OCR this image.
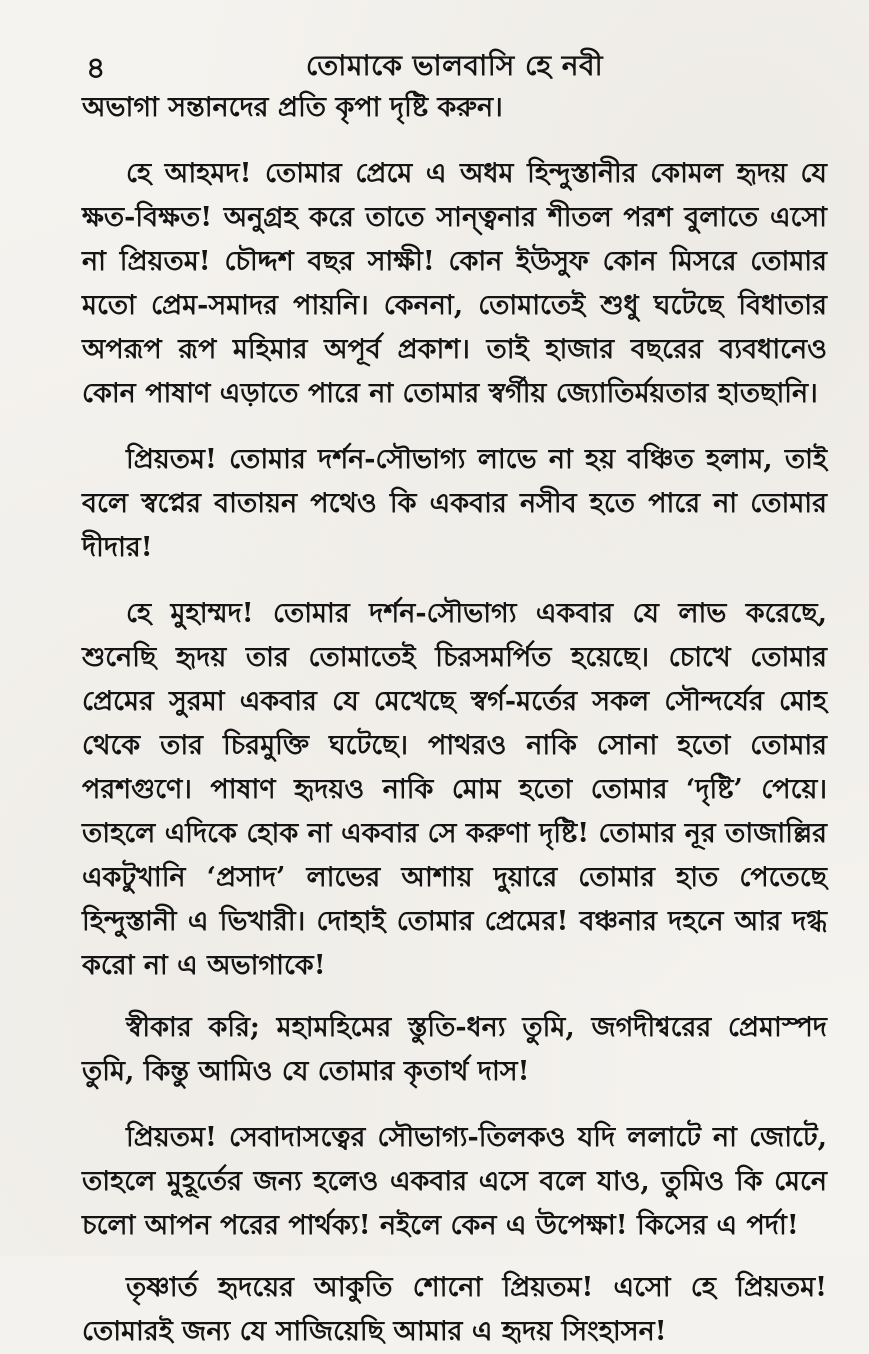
৪	তোমাকে ভালবাসি হে নবী

অভাগা সন্তানদের প্রতি কৃপা দৃষ্টি করুন।

হে আহমদ! তোমার প্রেমে এ অধম হিন্দুস্তানীর কোমল হৃদয় যে ক্ষত-বিক্ষত! অনুগ্রহ করে তাতে সান্ত্বনার শীতল পরশ বুলাতে এসো না প্রিয়তম! চৌদ্দশ বছর সাক্ষী! কোন ইউসুফ কোন মিসরে তোমার মতো প্রেম-সমাদর পায়নি। কেননা, তোমাতেই শুধু ঘটেছে বিধাতার অপরূপ রূপ মহিমার অপূর্ব প্রকাশ। তাই হাজার বছরের ব্যবধানেও কোন পাষাণ এড়াতে পারে না তোমার স্বর্গীয় জ্যোতির্ময়তার হাতছানি।

প্রিয়তম! তোমার দর্শন-সৌভাগ্য লাভে না হয় বঞ্চিত হলাম, তাই বলে স্বপ্নের বাতায়ন পথেও কি একবার নসীব হতে পারে না তোমার দীদার!

হে মুহাম্মদ! তোমার দর্শন-সৌভাগ্য একবার যে লাভ করেছে, শুনেছি হৃদয় তার তোমাতেই চিরসমর্পিত হয়েছে। চোখে তোমার প্রেমের সুরমা একবার যে মেখেছে স্বর্গ-মর্তের সকল সৌন্দর্যের মোহ থেকে তার চিরমুক্তি ঘটেছে। পাথরও নাকি সোনা হতো তোমার পরশগুণে। পাষাণ হৃদয়ও নাকি মোম হতো তোমার ‘দৃষ্টি’ পেয়ে। তাহলে এদিকে হোক না একবার সে করুণা দৃষ্টি! তোমার নূর তাজাল্লির একটুখানি ‘প্রসাদ’ লাভের আশায় দুয়ারে তোমার হাত পেতেছে হিন্দুস্তানী এ ভিখারী। দোহাই তোমার প্রেমের! বঞ্চনার দহনে আর দগ্ধ করো না এ অভাগাকে!

স্বীকার করি; মহামহিমের স্তুতি-ধন্য তুমি, জগদীশ্বরের প্রেমাস্পদ তুমি, কিন্তু আমিও যে তোমার কৃতার্থ দাস!

প্রিয়তম! সেবাদাসত্বের সৌভাগ্য-তিলকও যদি ললাটে না জোটে, তাহলে মুহূর্তের জন্য হলেও একবার এসে বলে যাও, তুমিও কি মেনে চলো আপন পরের পার্থক্য! নইলে কেন এ উপেক্ষা! কিসের এ পর্দা!

তৃষ্ণার্ত হৃদয়ের আকুতি শোনো প্রিয়তম! এসো হে প্রিয়তম! তোমারই জন্য যে সাজিয়েছি আমার এ হৃদয় সিংহাসন!
